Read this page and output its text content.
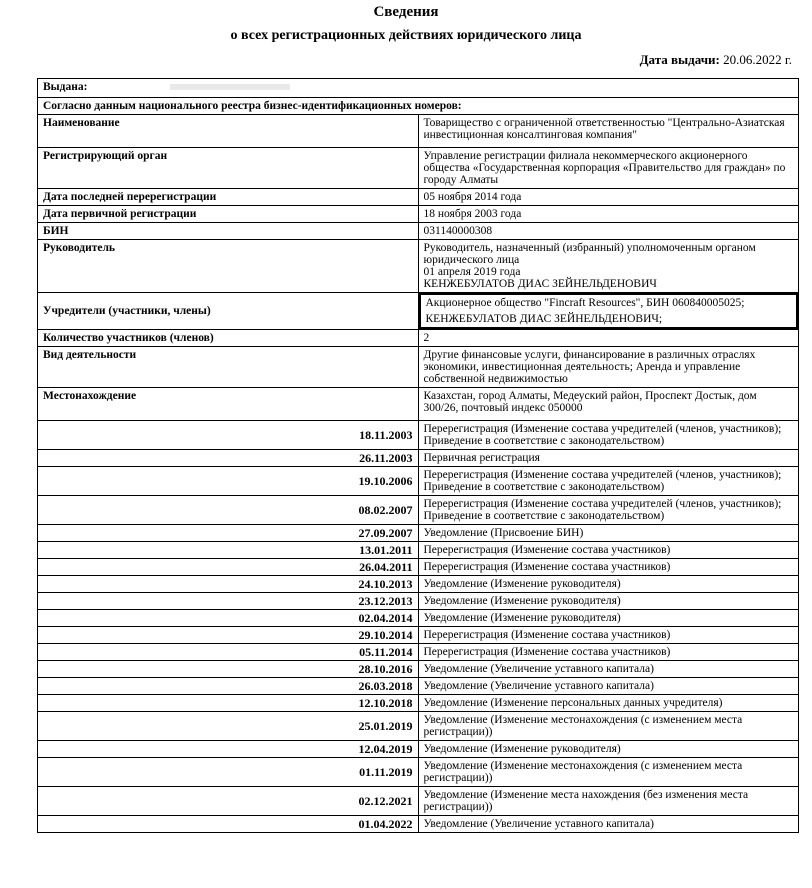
Сведения
о всех регистрационных действиях юридического лица
Дата выдачи: 20.06.2022 г.
Выдана:	
Согласно данным национального реестра бизнес-идентификационных номеров:	
Наименование	Товарищество с ограниченной ответственностью "Центрально-Азиатская инвестиционная консалтинговая компания"
Регистрирующий орган	Управление регистрации филиала некоммерческого акционерного общества «Государственная корпорация «Правительство для граждан» по городу Алматы
Дата последней перерегистрации	05 ноября 2014 года
Дата первичной регистрации	18 ноября 2003 года
БИН	031140000308
Руководитель	Руководитель, назначенный (избранный) уполномоченным органом юридического лица
01 апреля 2019 года
КЕНЖЕБУЛАТОВ ДИАС ЗЕЙНЕЛЬДЕНОВИЧ

Учредители (участники, члены)	Акционерное общество "Fincraft Resources", БИН 060840005025;
КЕНЖЕБУЛАТОВ ДИАС ЗЕЙНЕЛЬДЕНОВИЧ;

Количество участников (членов)	2
Вид деятельности	Другие финансовые услуги, финансирование в различных отраслях экономики, инвестиционная деятельность; Аренда и управление собственной недвижимостью
Местонахождение	Казахстан, город Алматы, Медеуский район, Проспект Достык, дом 300/26, почтовый индекс 050000
18.11.2003	Перерегистрация (Изменение состава учредителей (членов, участников); Приведение в соответствие с законодательством)
26.11.2003	Первичная регистрация
19.10.2006	Перерегистрация (Изменение состава учредителей (членов, участников); Приведение в соответствие с законодательством)
08.02.2007	Перерегистрация (Изменение состава учредителей (членов, участников); Приведение в соответствие с законодательством)
27.09.2007	Уведомление (Присвоение БИН)
13.01.2011	Перерегистрация (Изменение состава участников)
26.04.2011	Перерегистрация (Изменение состава участников)
24.10.2013	Уведомление (Изменение руководителя)
23.12.2013	Уведомление (Изменение руководителя)
02.04.2014	Уведомление (Изменение руководителя)
29.10.2014	Перерегистрация (Изменение состава участников)
05.11.2014	Перерегистрация (Изменение состава участников)
28.10.2016	Уведомление (Увеличение уставного капитала)
26.03.2018	Уведомление (Увеличение уставного капитала)
12.10.2018	Уведомление (Изменение персональных данных учредителя)
25.01.2019	Уведомление (Изменение местонахождения (с изменением места регистрации))
12.04.2019	Уведомление (Изменение руководителя)
01.11.2019	Уведомление (Изменение местонахождения (с изменением места регистрации))
02.12.2021	Уведомление (Изменение места нахождения (без изменения места регистрации))
01.04.2022	Уведомление (Увеличение уставного капитала)
